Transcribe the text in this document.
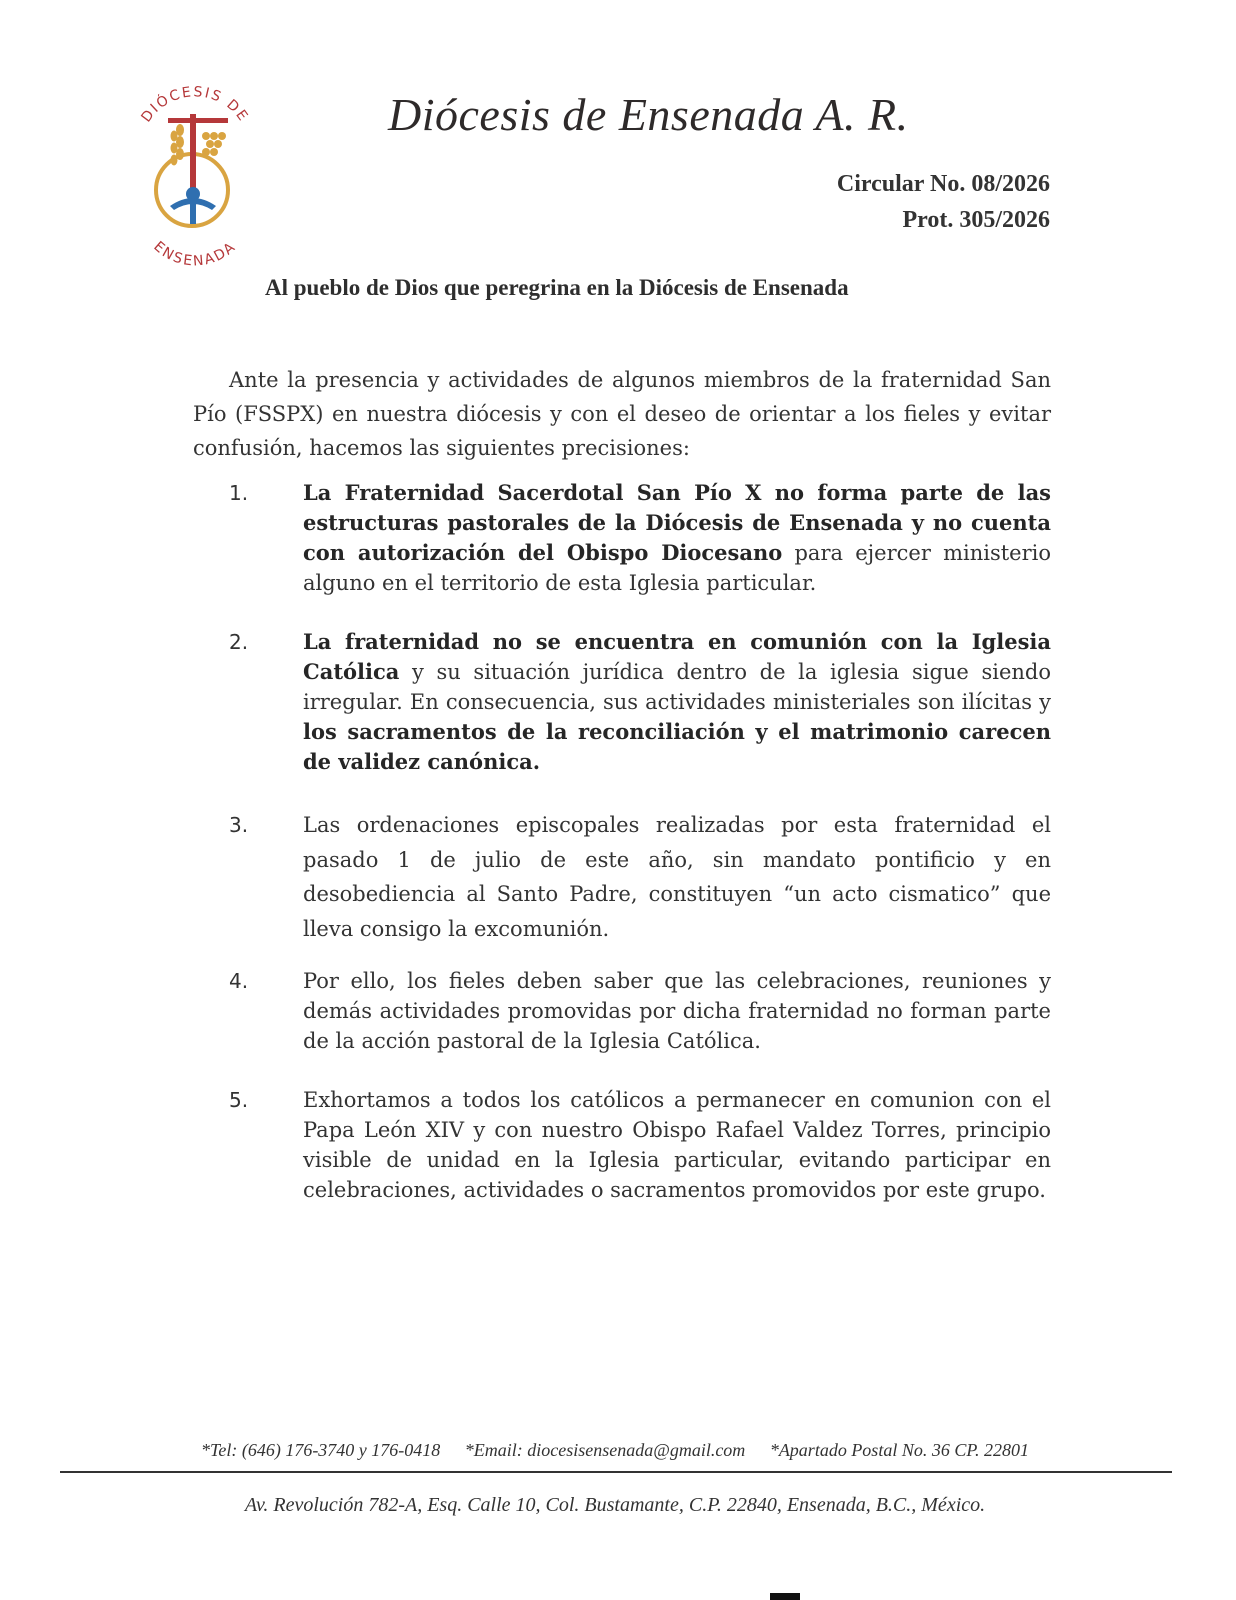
DIÓCESIS DE
ENSENADA
Diócesis de Ensenada A. R.
Circular No. 08/2026
Prot. 305/2026
Al pueblo de Dios que peregrina en la Diócesis de Ensenada
Ante la presencia y actividades de algunos miembros de la fraternidad San Pío (FSSPX) en nuestra diócesis y con el deseo de orientar a los fieles y evitar confusión, hacemos las siguientes precisiones:
1.	La Fraternidad Sacerdotal San Pío X no forma parte de las estructuras pastorales de la Diócesis de Ensenada y no cuenta con autorización del Obispo Diocesano para ejercer ministerio alguno en el territorio de esta Iglesia particular.
2.	La fraternidad no se encuentra en comunión con la Iglesia Católica y su situación jurídica dentro de la iglesia sigue siendo irregular. En consecuencia, sus actividades ministeriales son ilícitas y los sacramentos de la reconciliación y el matrimonio carecen de validez canónica.
3.	Las ordenaciones episcopales realizadas por esta fraternidad el pasado 1 de julio de este año, sin mandato pontificio y en desobediencia al Santo Padre, constituyen “un acto cismatico” que lleva consigo la excomunión.
4.	Por ello, los fieles deben saber que las celebraciones, reuniones y demás actividades promovidas por dicha fraternidad no forman parte de la acción pastoral de la Iglesia Católica.
5.	Exhortamos a todos los católicos a permanecer en comunion con el Papa León XIV y con nuestro Obispo Rafael Valdez Torres, principio visible de unidad en la Iglesia particular, evitando participar en celebraciones, actividades o sacramentos promovidos por este grupo.
*Tel: (646) 176-3740 y 176-0418 *Email: diocesisensenada@gmail.com *Apartado Postal No. 36 CP. 22801
Av. Revolución 782-A, Esq. Calle 10, Col. Bustamante, C.P. 22840, Ensenada, B.C., México.
